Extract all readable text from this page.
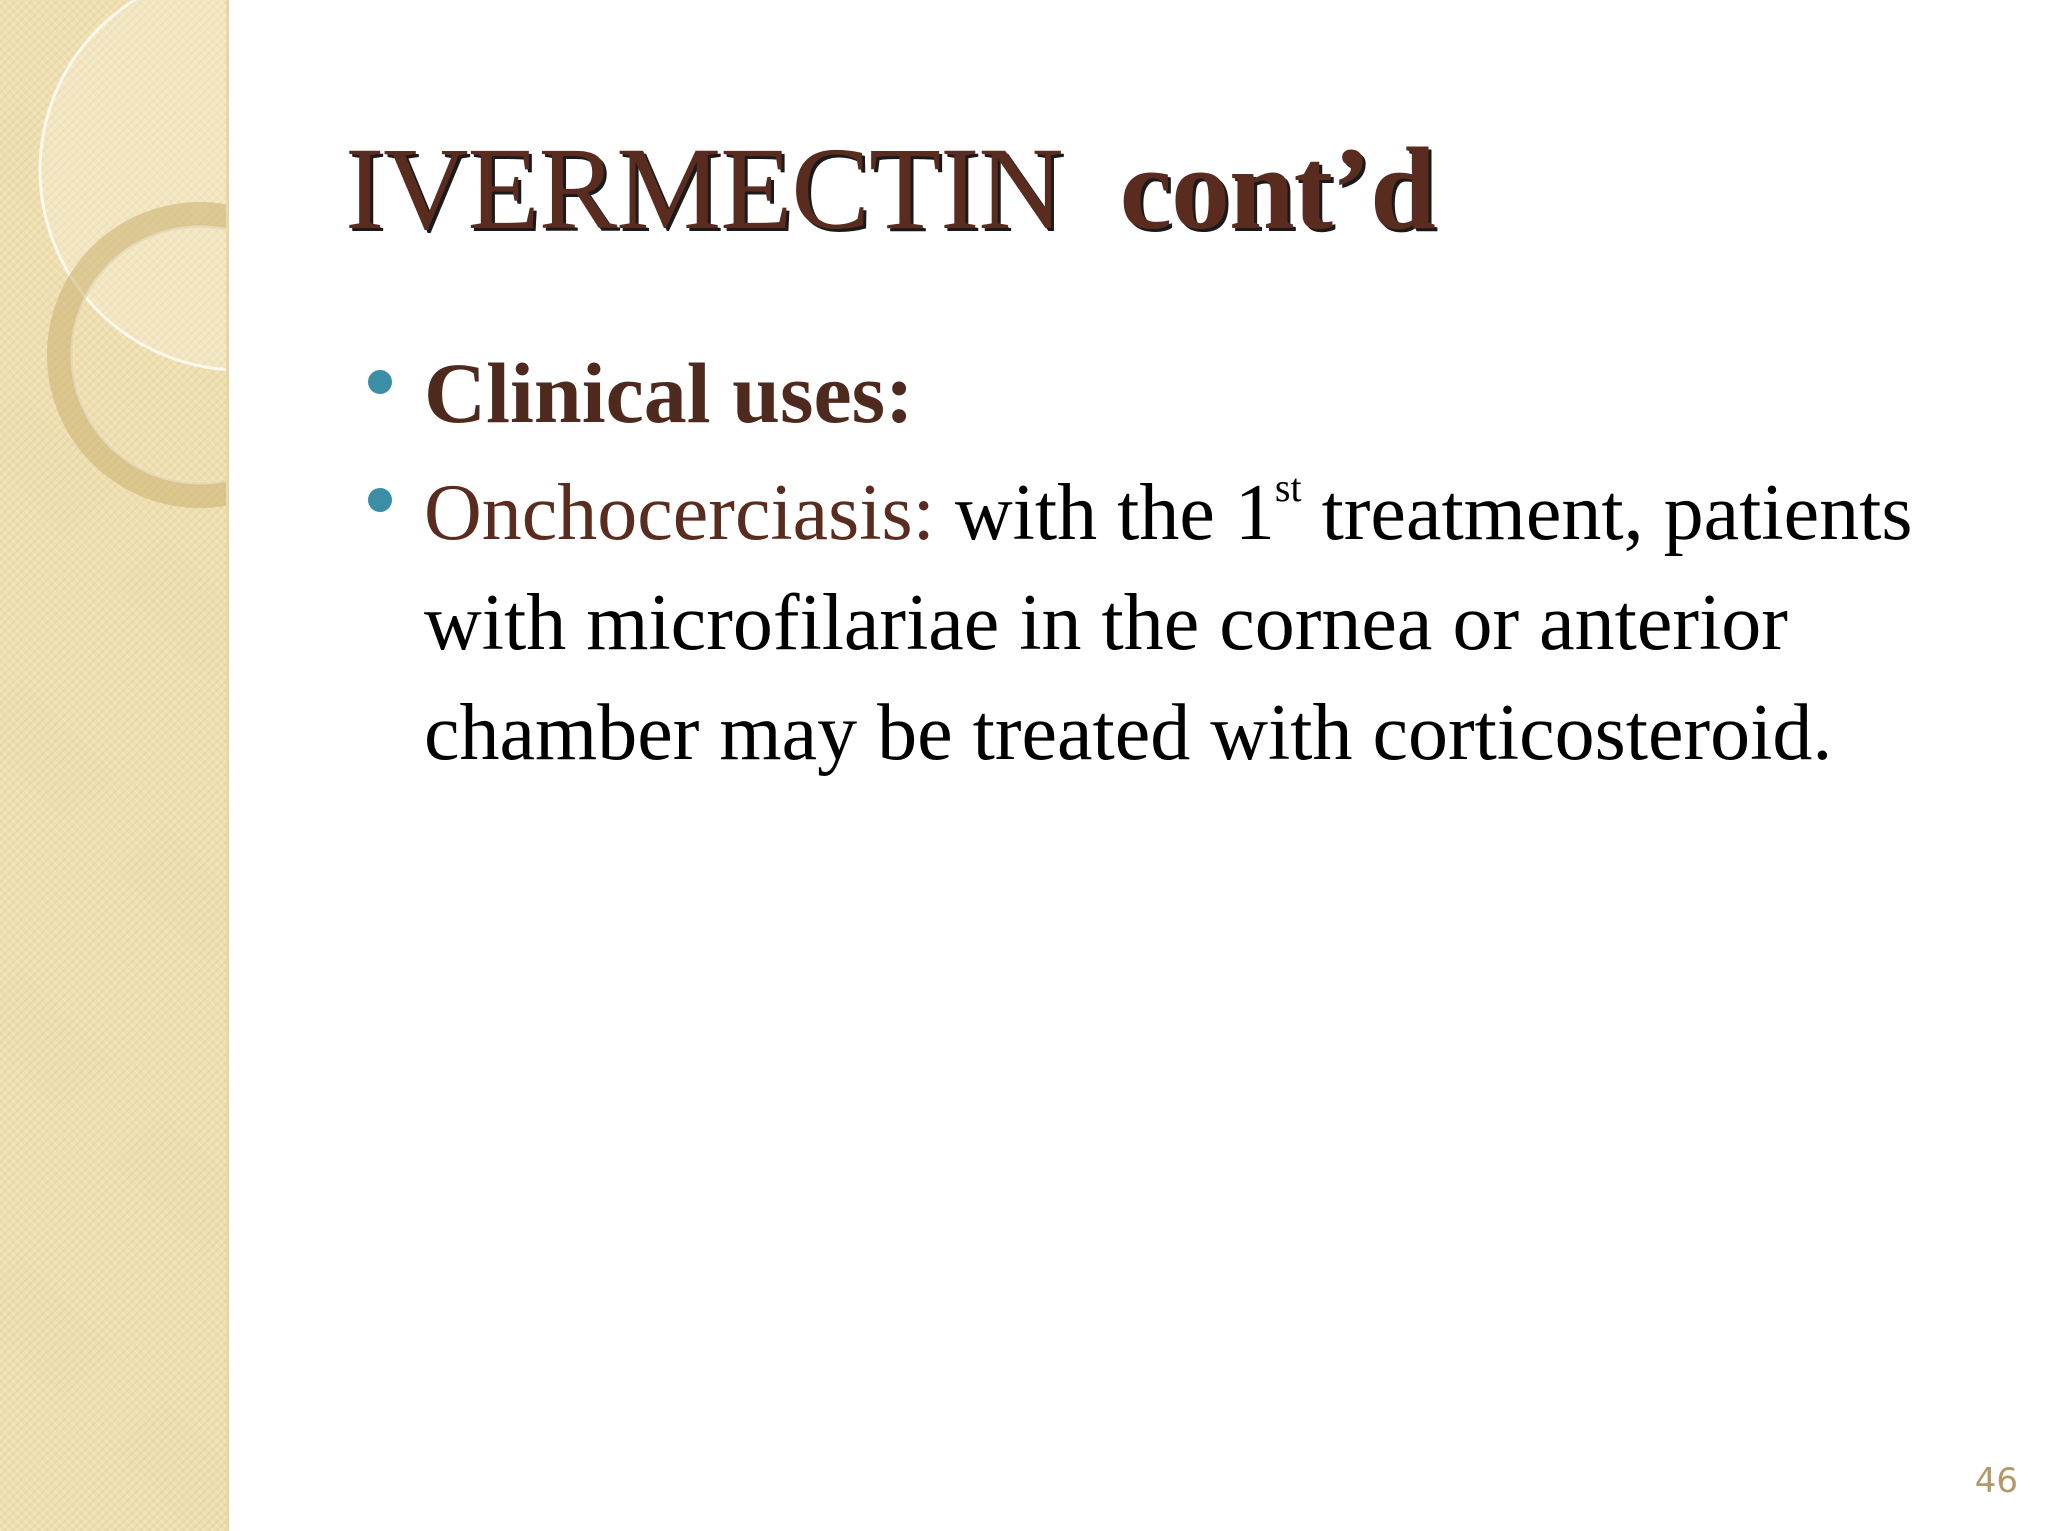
IVERMECTIN cont’d
Clinical uses:
Onchocerciasis: with the 1st treatment, patients with microfilariae in the cornea or anterior chamber may be treated with corticosteroid.
46
